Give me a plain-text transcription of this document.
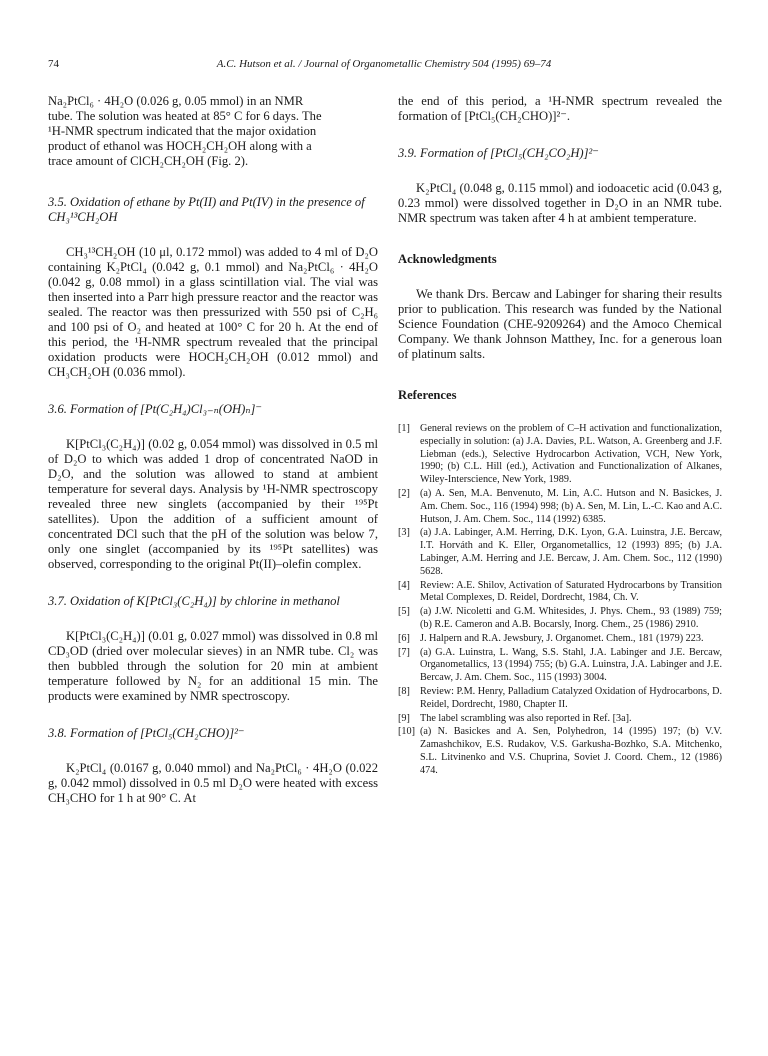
74	A.C. Hutson et al. / Journal of Organometallic Chemistry 504 (1995) 69–74

Na₂PtCl₆ · 4H₂O (0.026 g, 0.05 mmol) in an NMR
tube. The solution was heated at 85° C for 6 days. The
¹H-NMR spectrum indicated that the major oxidation
product of ethanol was HOCH₂CH₂OH along with a
trace amount of ClCH₂CH₂OH (Fig. 2).

3.5. Oxidation of ethane by Pt(II) and Pt(IV) in the presence of CH₃¹³CH₂OH

CH₃¹³CH₂OH (10 μl, 0.172 mmol) was added to 4 ml of D₂O containing K₂PtCl₄ (0.042 g, 0.1 mmol) and Na₂PtCl₆ · 4H₂O (0.042 g, 0.08 mmol) in a glass scintillation vial. The vial was then inserted into a Parr high pressure reactor and the reactor was sealed. The reactor was then pressurized with 550 psi of C₂H₆ and 100 psi of O₂ and heated at 100° C for 20 h. At the end of this period, the ¹H-NMR spectrum revealed that the principal oxidation products were HOCH₂CH₂OH (0.012 mmol) and CH₃CH₂OH (0.036 mmol).

3.6. Formation of [Pt(C₂H₄)Cl₃₋ₙ(OH)ₙ]⁻

K[PtCl₃(C₂H₄)] (0.02 g, 0.054 mmol) was dissolved in 0.5 ml of D₂O to which was added 1 drop of concentrated NaOD in D₂O, and the solution was allowed to stand at ambient temperature for several days. Analysis by ¹H-NMR spectroscopy revealed three new singlets (accompanied by their ¹⁹⁵Pt satellites). Upon the addition of a sufficient amount of concentrated DCl such that the pH of the solution was below 7, only one singlet (accompanied by its ¹⁹⁵Pt satellites) was observed, corresponding to the original Pt(II)–olefin complex.

3.7. Oxidation of K[PtCl₃(C₂H₄)] by chlorine in methanol

K[PtCl₃(C₂H₄)] (0.01 g, 0.027 mmol) was dissolved in 0.8 ml CD₃OD (dried over molecular sieves) in an NMR tube. Cl₂ was then bubbled through the solution for 20 min at ambient temperature followed by N₂ for an additional 15 min. The products were examined by NMR spectroscopy.

3.8. Formation of [PtCl₅(CH₂CHO)]²⁻

K₂PtCl₄ (0.0167 g, 0.040 mmol) and Na₂PtCl₆ · 4H₂O (0.022 g, 0.042 mmol) dissolved in 0.5 ml D₂O were heated with excess CH₃CHO for 1 h at 90° C. At

the end of this period, a ¹H-NMR spectrum revealed the formation of [PtCl₅(CH₂CHO)]²⁻.

3.9. Formation of [PtCl₅(CH₂CO₂H)]²⁻

K₂PtCl₄ (0.048 g, 0.115 mmol) and iodoacetic acid (0.043 g, 0.23 mmol) were dissolved together in D₂O in an NMR tube. NMR spectrum was taken after 4 h at ambient temperature.

Acknowledgments

We thank Drs. Bercaw and Labinger for sharing their results prior to publication. This research was funded by the National Science Foundation (CHE-9209264) and the Amoco Chemical Company. We thank Johnson Matthey, Inc. for a generous loan of platinum salts.

References

[1] General reviews on the problem of C–H activation and functionalization, especially in solution: (a) J.A. Davies, P.L. Watson, A. Greenberg and J.F. Liebman (eds.), Selective Hydrocarbon Activation, VCH, New York, 1990; (b) C.L. Hill (ed.), Activation and Functionalization of Alkanes, Wiley-Interscience, New York, 1989.
[2] (a) A. Sen, M.A. Benvenuto, M. Lin, A.C. Hutson and N. Basickes, J. Am. Chem. Soc., 116 (1994) 998; (b) A. Sen, M. Lin, L.-C. Kao and A.C. Hutson, J. Am. Chem. Soc., 114 (1992) 6385.
[3] (a) J.A. Labinger, A.M. Herring, D.K. Lyon, G.A. Luinstra, J.E. Bercaw, I.T. Horváth and K. Eller, Organometallics, 12 (1993) 895; (b) J.A. Labinger, A.M. Herring and J.E. Bercaw, J. Am. Chem. Soc., 112 (1990) 5628.
[4] Review: A.E. Shilov, Activation of Saturated Hydrocarbons by Transition Metal Complexes, D. Reidel, Dordrecht, 1984, Ch. V.
[5] (a) J.W. Nicoletti and G.M. Whitesides, J. Phys. Chem., 93 (1989) 759; (b) R.E. Cameron and A.B. Bocarsly, Inorg. Chem., 25 (1986) 2910.
[6] J. Halpern and R.A. Jewsbury, J. Organomet. Chem., 181 (1979) 223.
[7] (a) G.A. Luinstra, L. Wang, S.S. Stahl, J.A. Labinger and J.E. Bercaw, Organometallics, 13 (1994) 755; (b) G.A. Luinstra, J.A. Labinger and J.E. Bercaw, J. Am. Chem. Soc., 115 (1993) 3004.
[8] Review: P.M. Henry, Palladium Catalyzed Oxidation of Hydrocarbons, D. Reidel, Dordrecht, 1980, Chapter II.
[9] The label scrambling was also reported in Ref. [3a].
[10] (a) N. Basickes and A. Sen, Polyhedron, 14 (1995) 197; (b) V.V. Zamashchikov, E.S. Rudakov, V.S. Garkusha-Bozhko, S.A. Mitchenko, S.L. Litvinenko and V.S. Chuprina, Soviet J. Coord. Chem., 12 (1986) 474.
